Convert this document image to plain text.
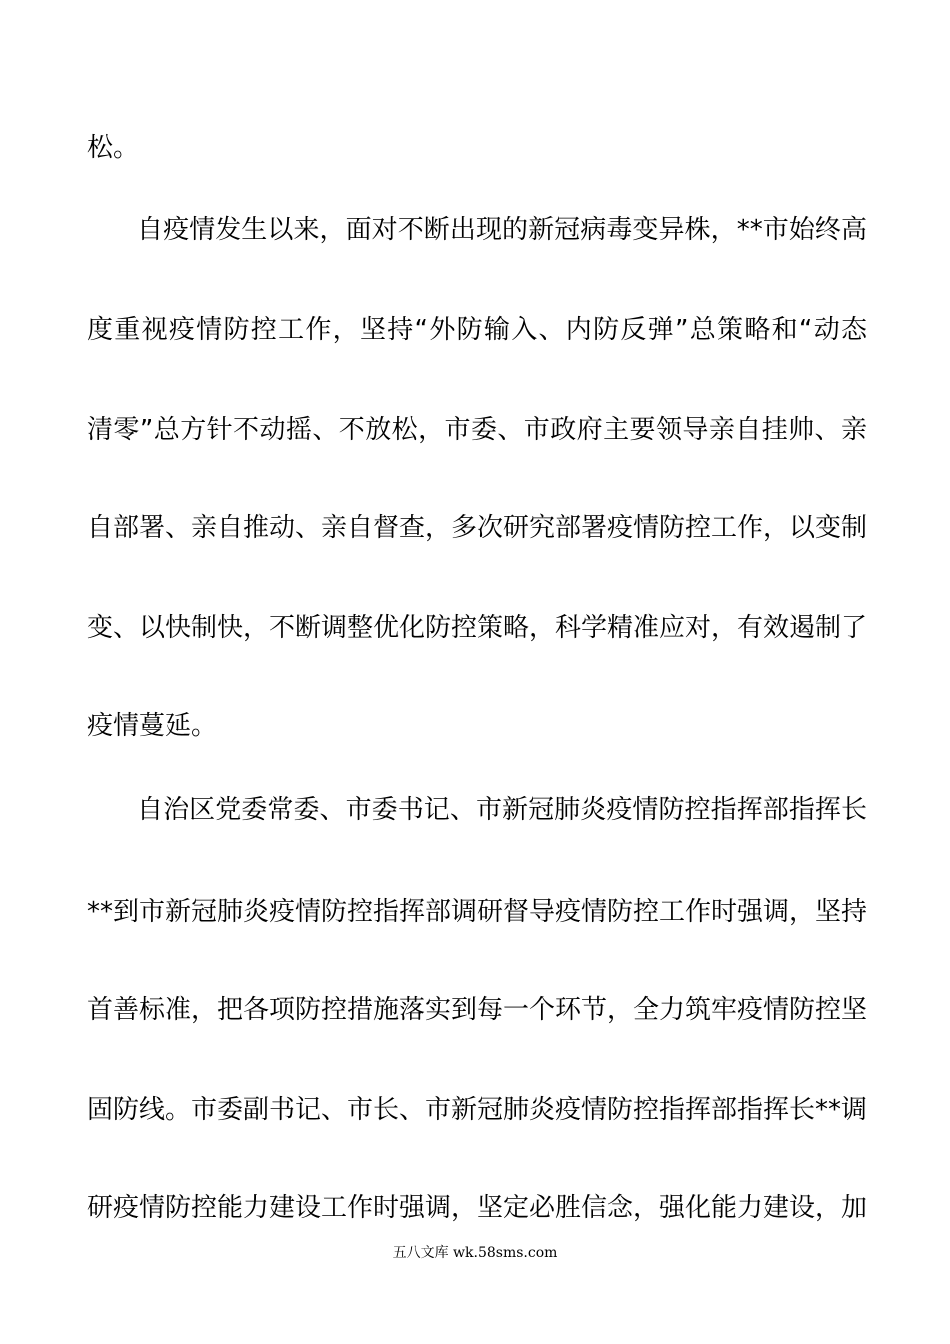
松。
自疫情发生以来，面对不断出现的新冠病毒变异株，**市始终高
度重视疫情防控工作，坚持“外防输入、内防反弹”总策略和“动态
清零”总方针不动摇、不放松，市委、市政府主要领导亲自挂帅、亲
自部署、亲自推动、亲自督查，多次研究部署疫情防控工作，以变制
变、以快制快，不断调整优化防控策略，科学精准应对，有效遏制了
疫情蔓延。
自治区党委常委、市委书记、市新冠肺炎疫情防控指挥部指挥长
**到市新冠肺炎疫情防控指挥部调研督导疫情防控工作时强调，坚持
首善标准，把各项防控措施落实到每一个环节，全力筑牢疫情防控坚
固防线。市委副书记、市长、市新冠肺炎疫情防控指挥部指挥长**调
研疫情防控能力建设工作时强调，坚定必胜信念，强化能力建设，加
五八文库 wk.58sms.com
